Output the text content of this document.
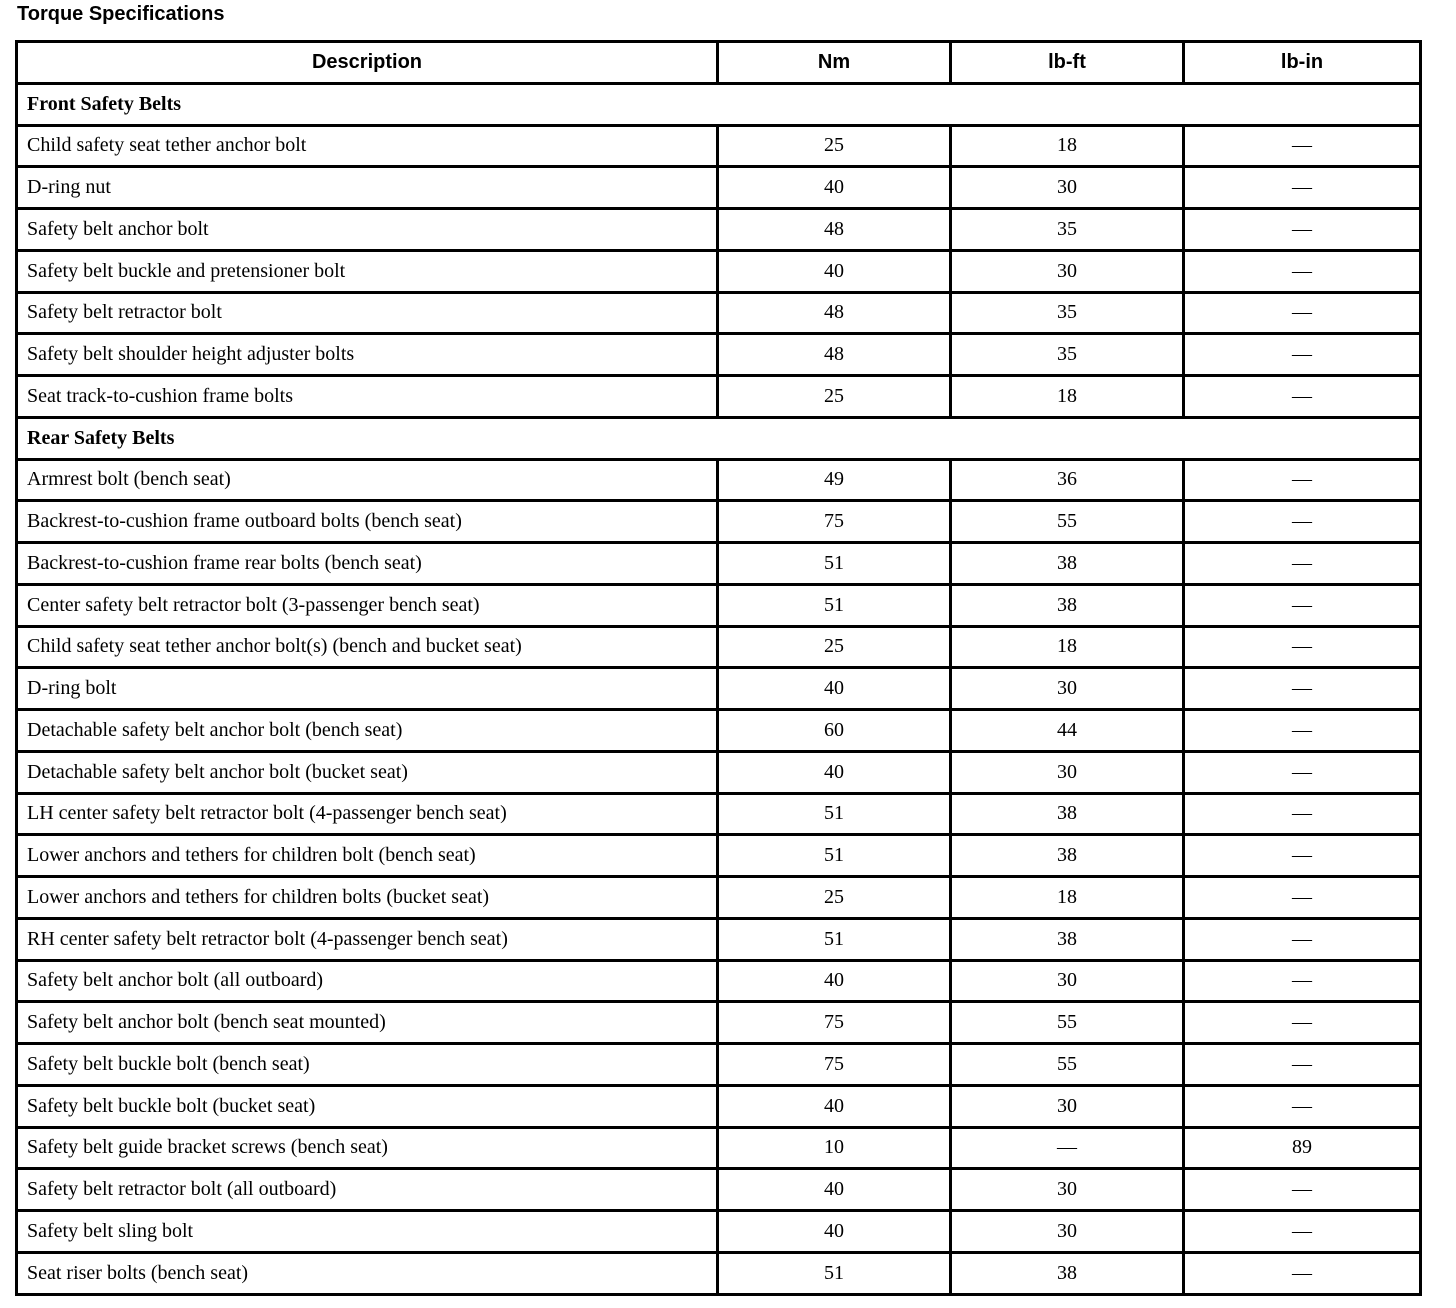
Torque Specifications
Description	Nm	lb-ft	lb-in
Front Safety Belts			
Child safety seat tether anchor bolt	25	18	—
D-ring nut	40	30	—
Safety belt anchor bolt	48	35	—
Safety belt buckle and pretensioner bolt	40	30	—
Safety belt retractor bolt	48	35	—
Safety belt shoulder height adjuster bolts	48	35	—
Seat track-to-cushion frame bolts	25	18	—
Rear Safety Belts			
Armrest bolt (bench seat)	49	36	—
Backrest-to-cushion frame outboard bolts (bench seat)	75	55	—
Backrest-to-cushion frame rear bolts (bench seat)	51	38	—
Center safety belt retractor bolt (3-passenger bench seat)	51	38	—
Child safety seat tether anchor bolt(s) (bench and bucket seat)	25	18	—
D-ring bolt	40	30	—
Detachable safety belt anchor bolt (bench seat)	60	44	—
Detachable safety belt anchor bolt (bucket seat)	40	30	—
LH center safety belt retractor bolt (4-passenger bench seat)	51	38	—
Lower anchors and tethers for children bolt (bench seat)	51	38	—
Lower anchors and tethers for children bolts (bucket seat)	25	18	—
RH center safety belt retractor bolt (4-passenger bench seat)	51	38	—
Safety belt anchor bolt (all outboard)	40	30	—
Safety belt anchor bolt (bench seat mounted)	75	55	—
Safety belt buckle bolt (bench seat)	75	55	—
Safety belt buckle bolt (bucket seat)	40	30	—
Safety belt guide bracket screws (bench seat)	10	—	89
Safety belt retractor bolt (all outboard)	40	30	—
Safety belt sling bolt	40	30	—
Seat riser bolts (bench seat)	51	38	—
